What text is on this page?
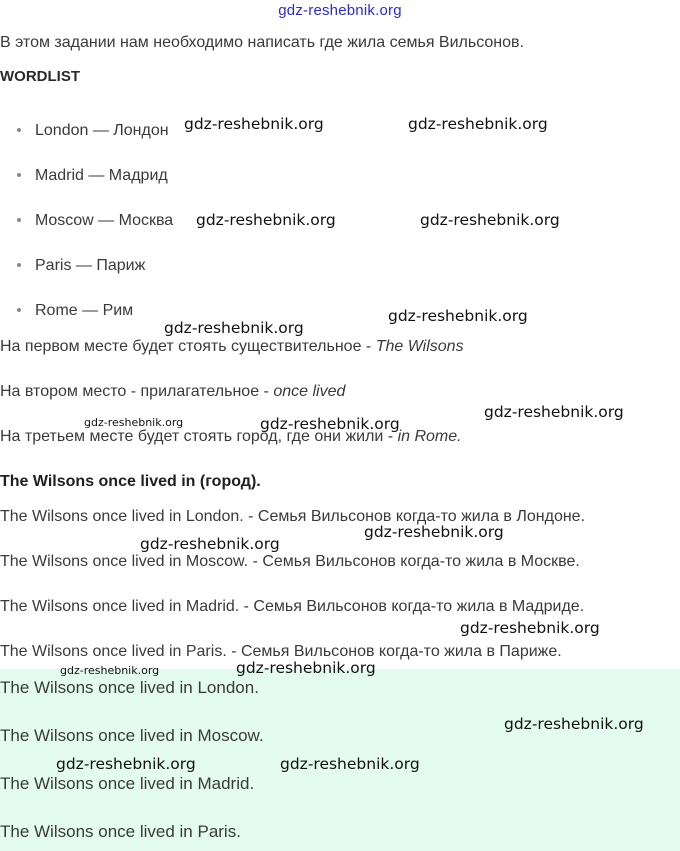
gdz-reshebnik.org
В этом задании нам необходимо написать где жила семья Вильсонов.
WORDLIST
London — Лондон
Madrid — Мадрид
Moscow — Москва
Paris — Париж
Rome — Рим
На первом месте будет стоять существительное - The Wilsons
На втором место - прилагательное - once lived
На третьем месте будет стоять город, где они жили - in Rome.
The Wilsons once lived in (город).
The Wilsons once lived in London. - Семья Вильсонов когда-то жила в Лондоне.
The Wilsons once lived in Moscow. - Семья Вильсонов когда-то жила в Москве.
The Wilsons once lived in Madrid. - Семья Вильсонов когда-то жила в Мадриде.
The Wilsons once lived in Paris. - Семья Вильсонов когда-то жила в Париже.
The Wilsons once lived in London.
The Wilsons once lived in Moscow.
The Wilsons once lived in Madrid.
The Wilsons once lived in Paris.
gdz-reshebnik.org	gdz-reshebnik.org
gdz-reshebnik.org	gdz-reshebnik.org
gdz-reshebnik.org
gdz-reshebnik.org
gdz-reshebnik.org	gdz-reshebnik.org
gdz-reshebnik.org
gdz-reshebnik.org
gdz-reshebnik.org
gdz-reshebnik.org
gdz-reshebnik.org	gdz-reshebnik.org
gdz-reshebnik.org
gdz-reshebnik.org	gdz-reshebnik.org
